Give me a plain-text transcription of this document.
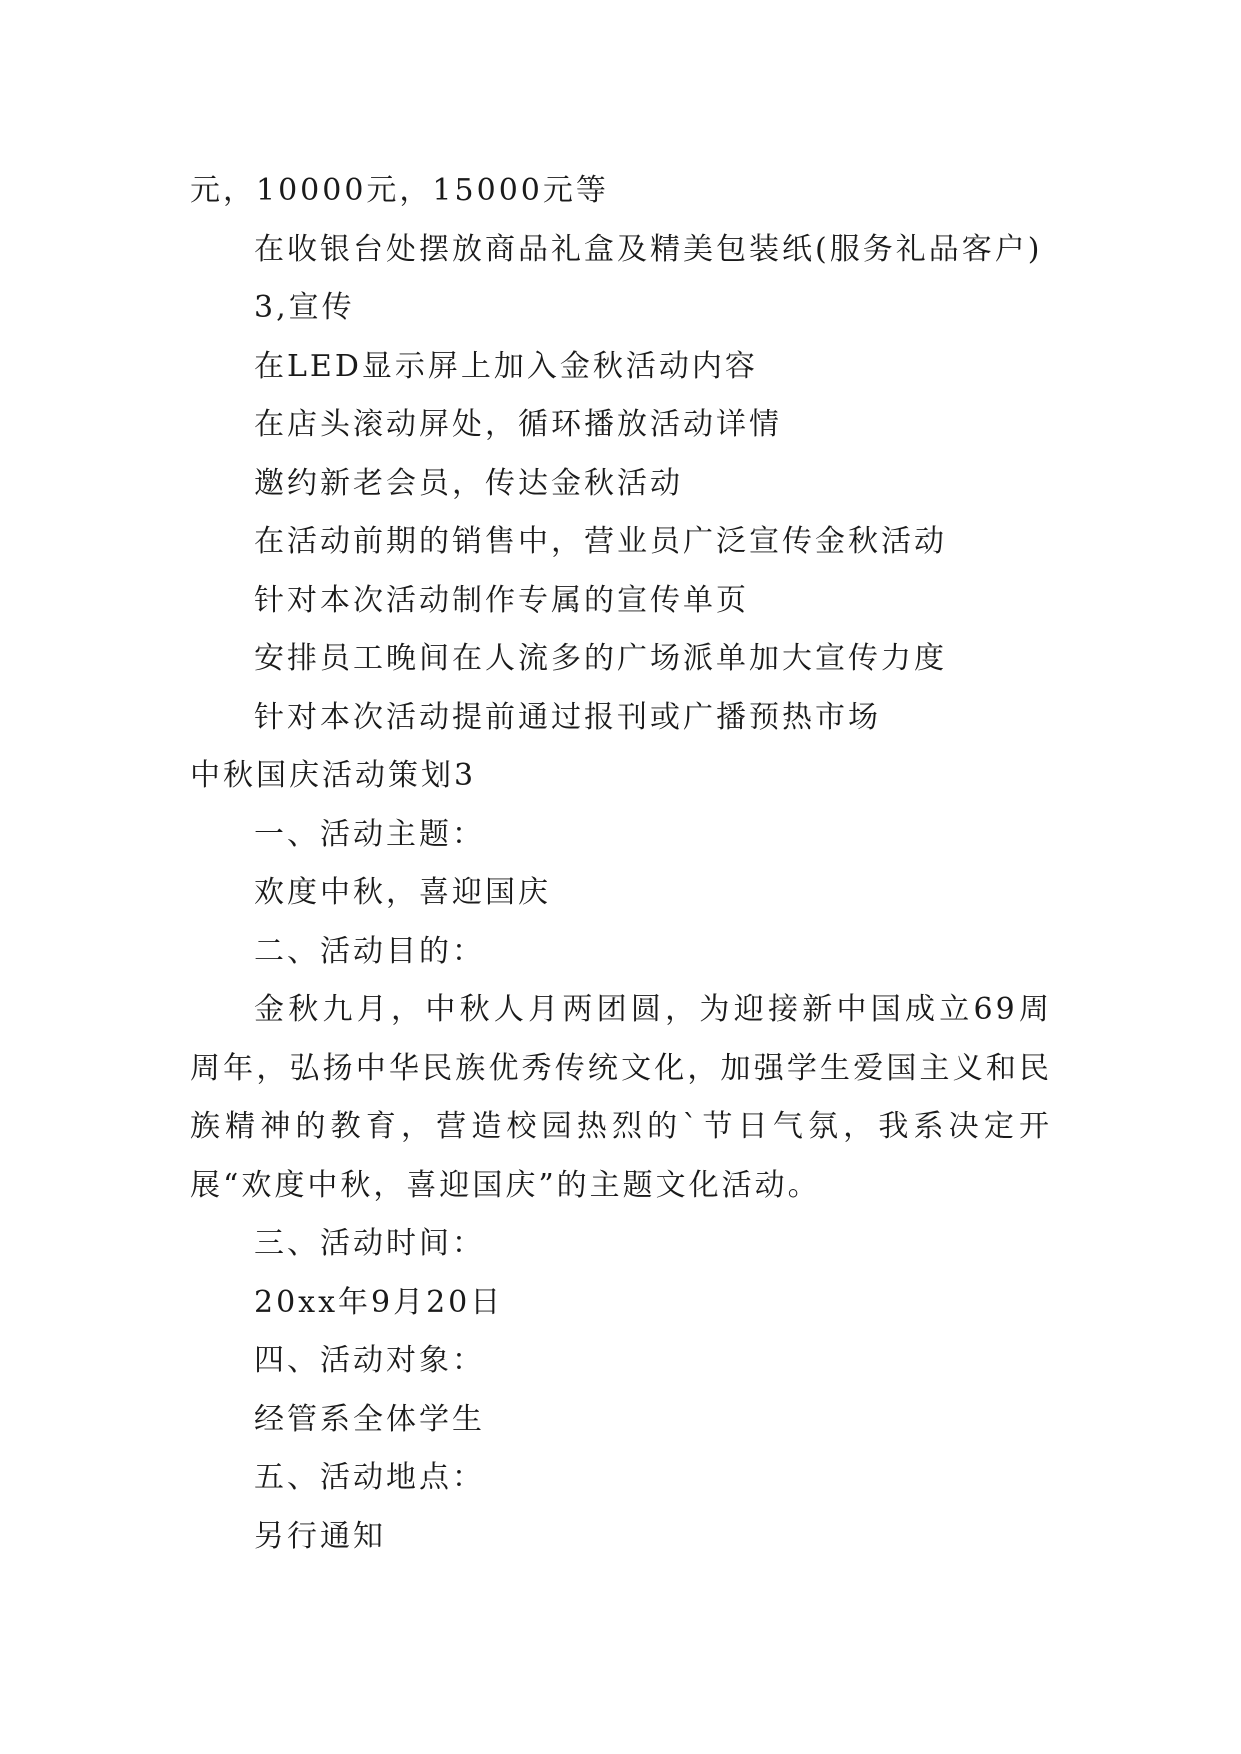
元，10000元，15000元等
在收银台处摆放商品礼盒及精美包装纸(服务礼品客户)
3,宣传
在LED显示屏上加入金秋活动内容
在店头滚动屏处，循环播放活动详情
邀约新老会员，传达金秋活动
在活动前期的销售中，营业员广泛宣传金秋活动
针对本次活动制作专属的宣传单页
安排员工晚间在人流多的广场派单加大宣传力度
针对本次活动提前通过报刊或广播预热市场
中秋国庆活动策划3
一、活动主题：
欢度中秋，喜迎国庆
二、活动目的：
金秋九月，中秋人月两团圆，为迎接新中国成立69周周年，弘扬中华民族优秀传统文化，加强学生爱国主义和民族精神的教育，营造校园热烈的`节日气氛，我系决定开展“欢度中秋，喜迎国庆”的主题文化活动。
三、活动时间：
20xx年9月20日
四、活动对象：
经管系全体学生
五、活动地点：
另行通知
